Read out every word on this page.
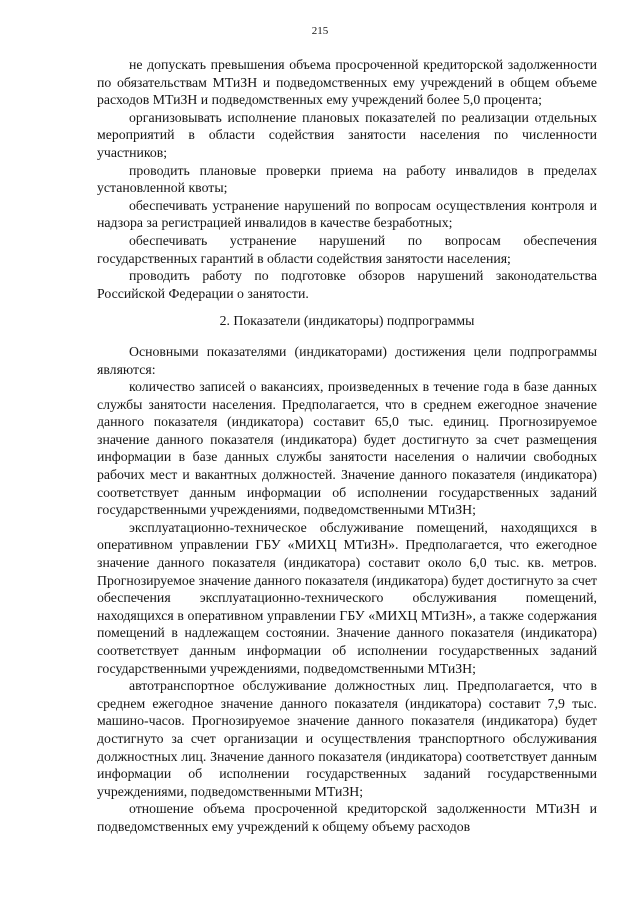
215

не допускать превышения объема просроченной кредиторской задолженности по обязательствам МТиЗН и подведомственных ему учреждений в общем объеме расходов МТиЗН и подведомственных ему учреждений более 5,0 процента;

организовывать исполнение плановых показателей по реализации отдельных мероприятий в области содействия занятости населения по численности участников;

проводить плановые проверки приема на работу инвалидов в пределах установленной квоты;

обеспечивать устранение нарушений по вопросам осуществления контроля и надзора за регистрацией инвалидов в качестве безработных;

обеспечивать устранение нарушений по вопросам обеспечения государственных гарантий в области содействия занятости населения;

проводить работу по подготовке обзоров нарушений законодательства Российской Федерации о занятости.

2. Показатели (индикаторы) подпрограммы

Основными показателями (индикаторами) достижения цели подпрограммы являются:

количество записей о вакансиях, произведенных в течение года в базе данных службы занятости населения. Предполагается, что в среднем ежегодное значение данного показателя (индикатора) составит 65,0 тыс. единиц. Прогнозируемое значение данного показателя (индикатора) будет достигнуто за счет размещения информации в базе данных службы занятости населения о наличии свободных рабочих мест и вакантных должностей. Значение данного показателя (индикатора) соответствует данным информации об исполнении государственных заданий государственными учреждениями, подведомственными МТиЗН;

эксплуатационно-техническое обслуживание помещений, находящихся в оперативном управлении ГБУ «МИХЦ МТиЗН». Предполагается, что ежегодное значение данного показателя (индикатора) составит около 6,0 тыс. кв. метров. Прогнозируемое значение данного показателя (индикатора) будет достигнуто за счет обеспечения эксплуатационно-технического обслуживания помещений, находящихся в оперативном управлении ГБУ «МИХЦ МТиЗН», а также содержания помещений в надлежащем состоянии. Значение данного показателя (индикатора) соответствует данным информации об исполнении государственных заданий государственными учреждениями, подведомственными МТиЗН;

автотранспортное обслуживание должностных лиц. Предполагается, что в среднем ежегодное значение данного показателя (индикатора) составит 7,9 тыс. машино-часов. Прогнозируемое значение данного показателя (индикатора) будет достигнуто за счет организации и осуществления транспортного обслуживания должностных лиц. Значение данного показателя (индикатора) соответствует данным информации об исполнении государственных заданий государственными учреждениями, подведомственными МТиЗН;

отношение объема просроченной кредиторской задолженности МТиЗН и подведомственных ему учреждений к общему объему расходов
